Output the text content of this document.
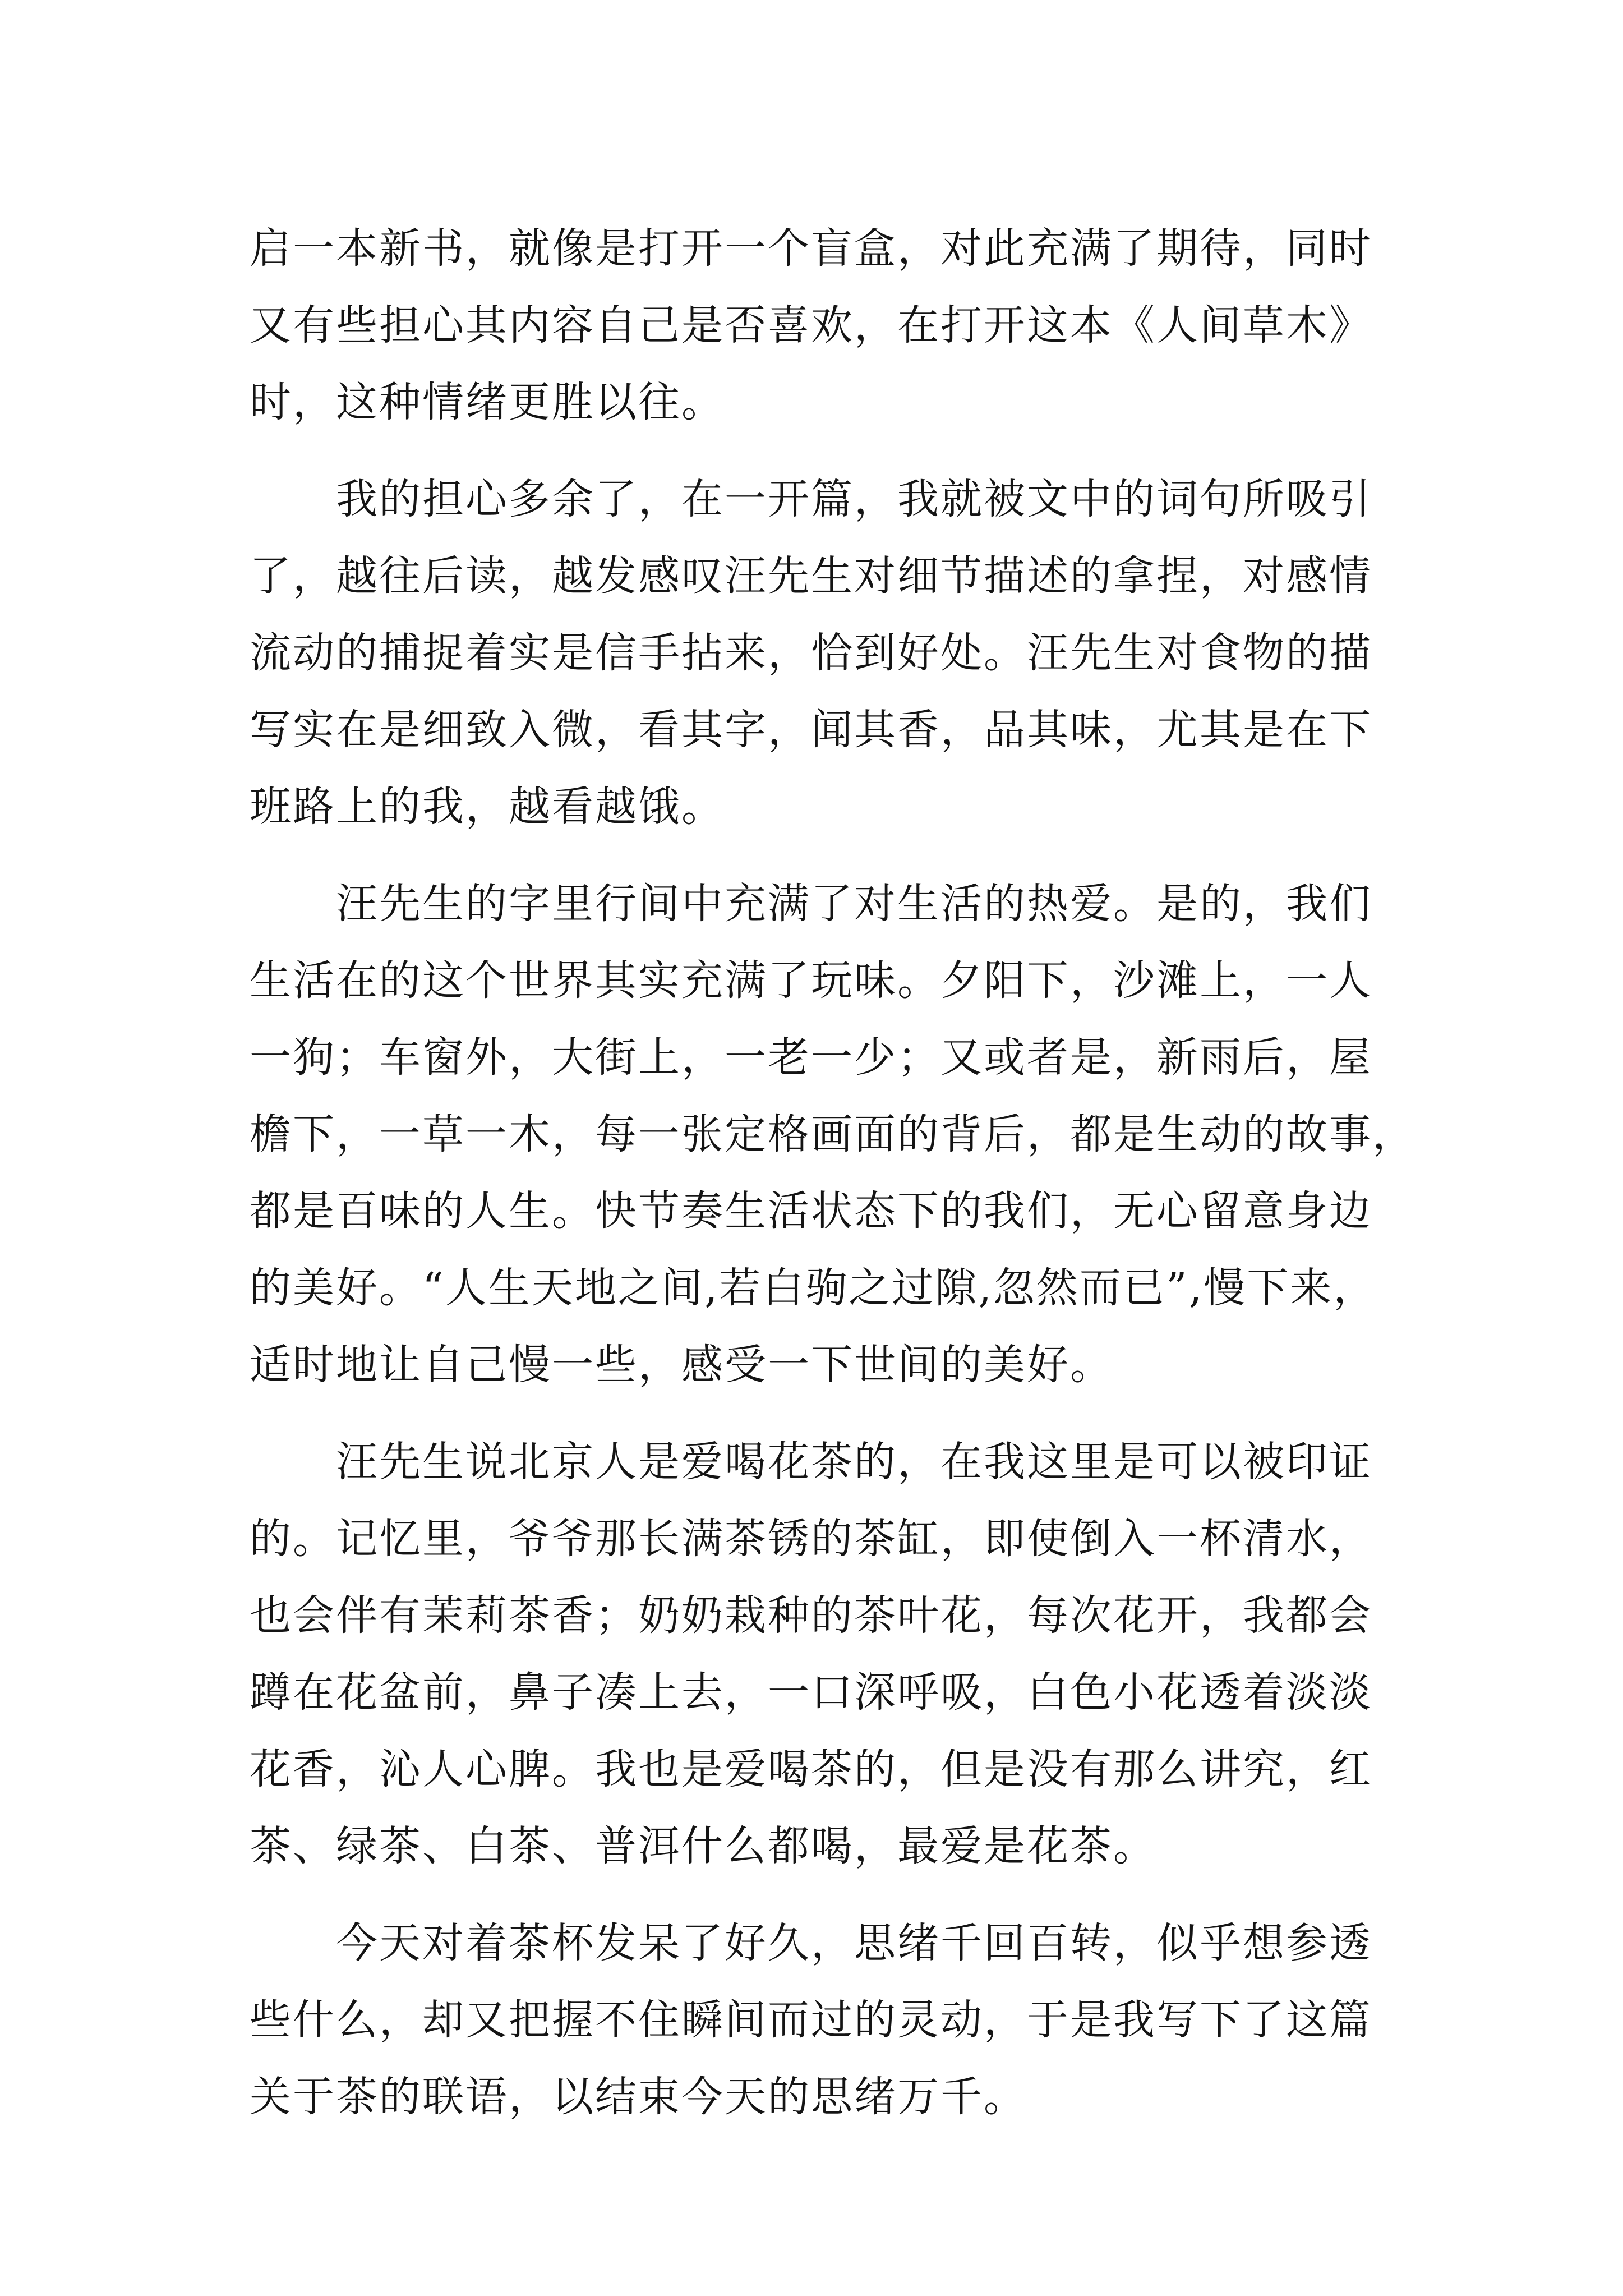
启一本新书，就像是打开一个盲盒，对此充满了期待，同时
又有些担心其内容自己是否喜欢，在打开这本《人间草木》
时，这种情绪更胜以往。
　　我的担心多余了，在一开篇，我就被文中的词句所吸引
了，越往后读，越发感叹汪先生对细节描述的拿捏，对感情
流动的捕捉着实是信手拈来，恰到好处。汪先生对食物的描
写实在是细致入微，看其字，闻其香，品其味，尤其是在下
班路上的我，越看越饿。
　　汪先生的字里行间中充满了对生活的热爱。是的，我们
生活在的这个世界其实充满了玩味。夕阳下，沙滩上，一人
一狗；车窗外，大街上，一老一少；又或者是，新雨后，屋
檐下，一草一木，每一张定格画面的背后，都是生动的故事，
都是百味的人生。快节奏生活状态下的我们，无心留意身边
的美好。“人生天地之间,若白驹之过隙,忽然而已”,慢下来，
适时地让自己慢一些，感受一下世间的美好。
　　汪先生说北京人是爱喝花茶的，在我这里是可以被印证
的。记忆里，爷爷那长满茶锈的茶缸，即使倒入一杯清水，
也会伴有茉莉茶香；奶奶栽种的茶叶花，每次花开，我都会
蹲在花盆前，鼻子凑上去，一口深呼吸，白色小花透着淡淡
花香，沁人心脾。我也是爱喝茶的，但是没有那么讲究，红
茶、绿茶、白茶、普洱什么都喝，最爱是花茶。
　　今天对着茶杯发呆了好久，思绪千回百转，似乎想参透
些什么，却又把握不住瞬间而过的灵动，于是我写下了这篇
关于茶的联语，以结束今天的思绪万千。
